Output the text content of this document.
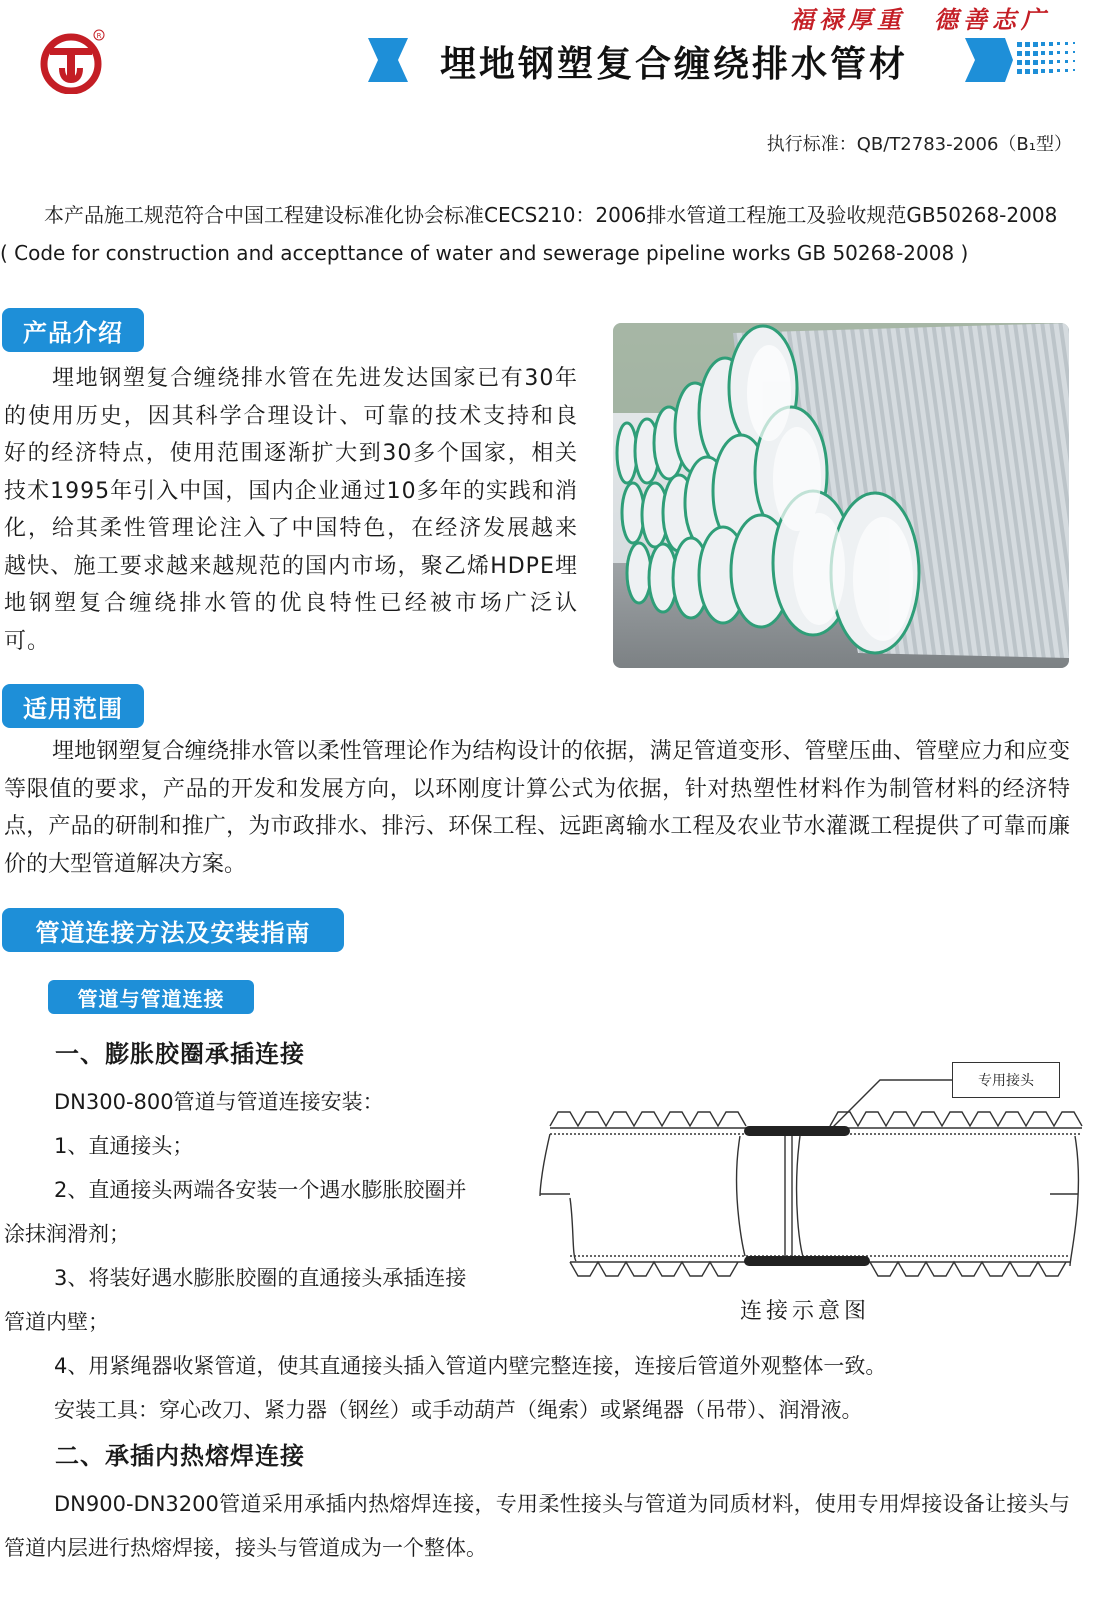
R
福禄厚重 德善志广
埋地钢塑复合缠绕排水管材
执行标准：QB/T2783-2006（B₁型）

本产品施工规范符合中国工程建设标准化协会标准CECS210：2006排水管道工程施工及验收规范GB50268-2008

( Code for construction and accepttance of water and sewerage pipeline works GB 50268-2008 )

产品介绍
埋地钢塑复合缠绕排水管在先进发达国家已有30年的使用历史，因其科学合理设计、可靠的技术支持和良好的经济特点，使用范围逐渐扩大到30多个国家，相关技术1995年引入中国，国内企业通过10多年的实践和消化，给其柔性管理论注入了中国特色，在经济发展越来越快、施工要求越来越规范的国内市场，聚乙烯HDPE埋地钢塑复合缠绕排水管的优良特性已经被市场广泛认可。
适用范围
埋地钢塑复合缠绕排水管以柔性管理论作为结构设计的依据，满足管道变形、管壁压曲、管壁应力和应变等限值的要求，产品的开发和发展方向，以环刚度计算公式为依据，针对热塑性材料作为制管材料的经济特点，产品的研制和推广，为市政排水、排污、环保工程、远距离输水工程及农业节水灌溉工程提供了可靠而廉价的大型管道解决方案。
管道连接方法及安装指南
管道与管道连接
一、膨胀胶圈承插连接

DN300-800管道与管道连接安装：

1、直通接头；

2、直通接头两端各安装一个遇水膨胀胶圈并

涂抹润滑剂；

3、将装好遇水膨胀胶圈的直通接头承插连接

管道内壁；

4、用紧绳器收紧管道，使其直通接头插入管道内壁完整连接，连接后管道外观整体一致。

安装工具：穿心改刀、紧力器（钢丝）或手动葫芦（绳索）或紧绳器（吊带）、润滑液。

专用接头
连接示意图
二、承插内热熔焊连接
DN900-DN3200管道采用承插内热熔焊连接，专用柔性接头与管道为同质材料，使用专用焊接设备让接头与管道内层进行热熔焊接，接头与管道成为一个整体。
